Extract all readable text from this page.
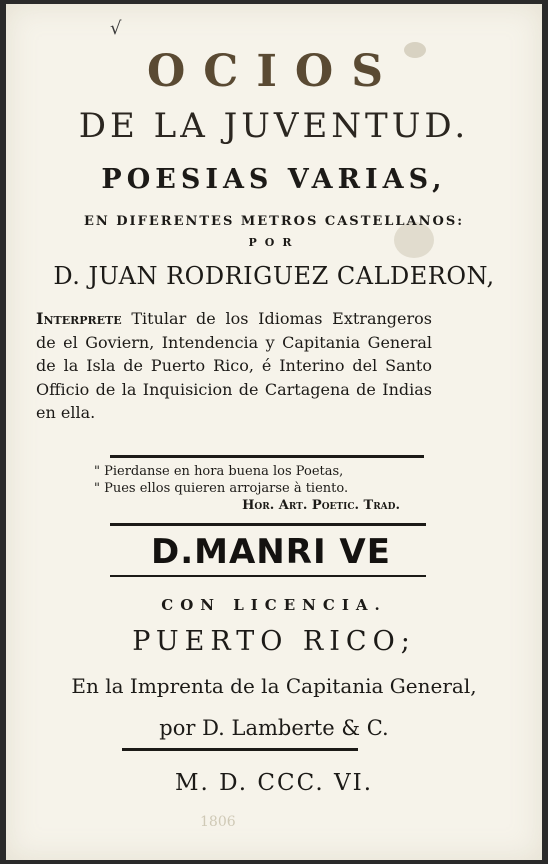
√
OCIOS
DE LA JUVENTUD.
POESIAS VARIAS,
EN DIFERENTES METROS CASTELLANOS:
POR
D. JUAN RODRIGUEZ CALDERON,
Interprete Titular de los Idiomas Extrangeros de el Goviern, Intendencia y Capitania General de la Isla de Puerto Rico, é Interino del Santo Officio de la Inquisicion de Cartagena de Indias en ella.
" Pierdanse en hora buena los Poetas,
" Pues ellos quieren arrojarse à tiento.
Hor. Art. Poetic. Trad.
D.MANRI VE
CON LICENCIA.
PUERTO RICO;
En la Imprenta de la Capitania General,
por D. Lamberte & C.
M. D. CCC. VI.
1806
